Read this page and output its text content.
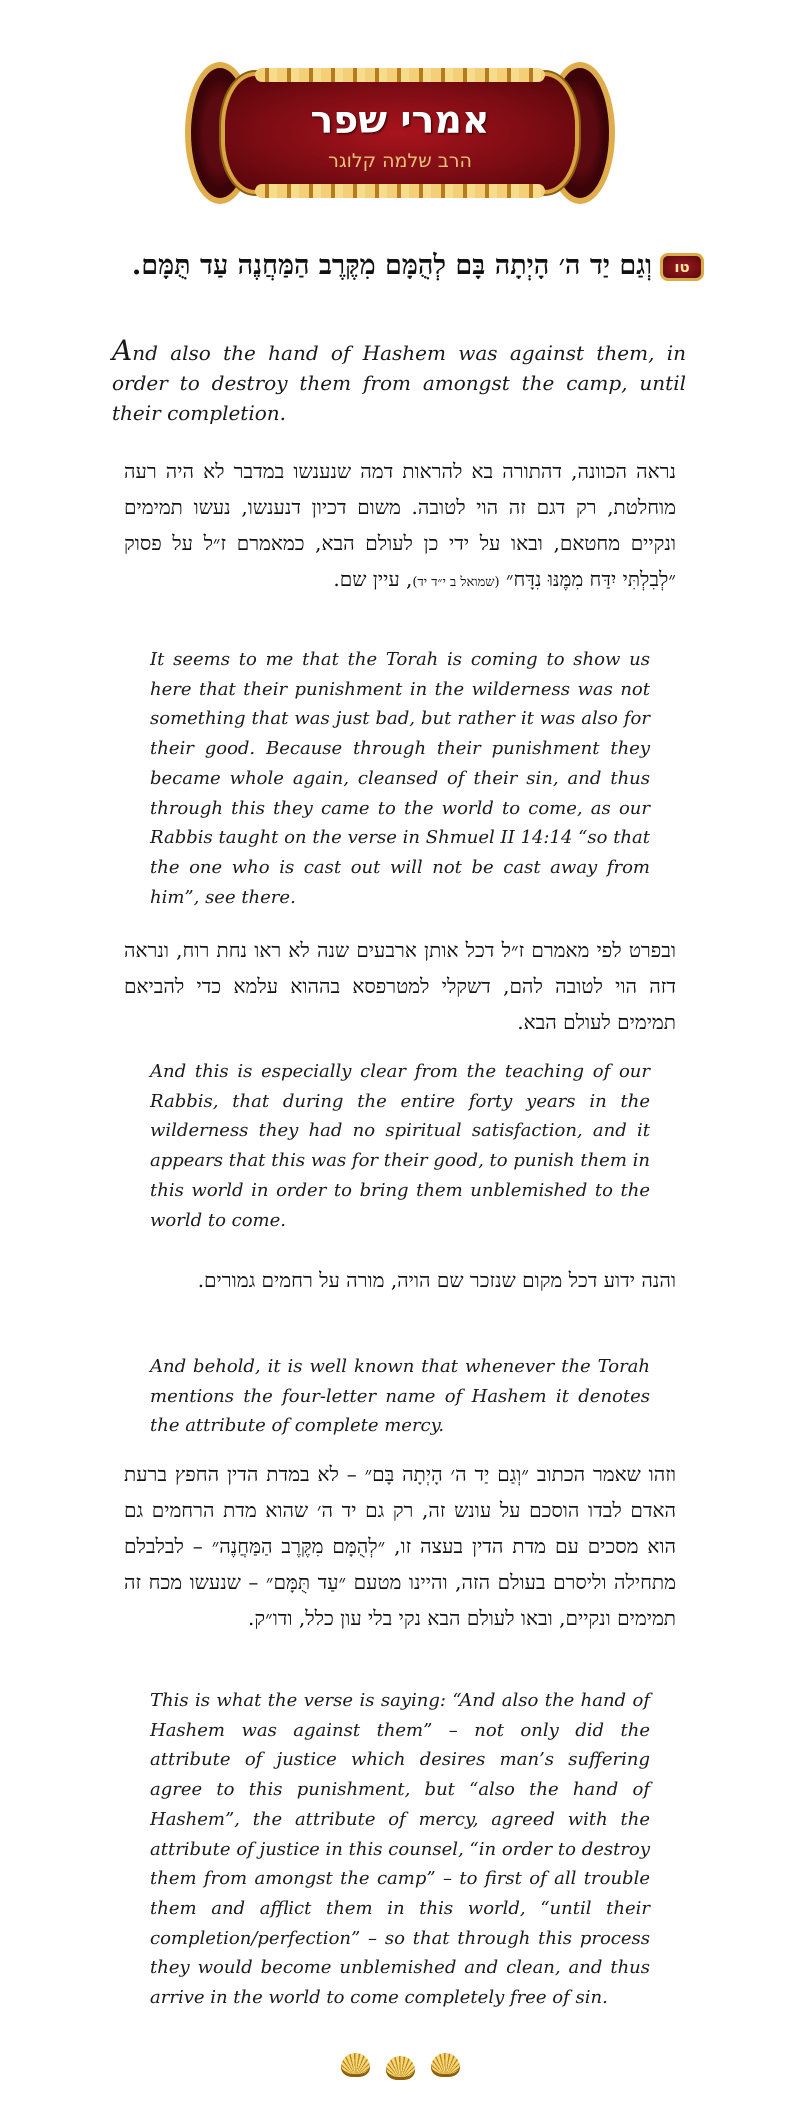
אמרי שפר
הרב שלמה קלוגר
טווְגַם יַד ה׳ הָיְתָה בָּם לְהֻמָּם מִקֶּרֶב הַמַּחֲנֶה עַד תֻּמָּם.
And also the hand of Hashem was against them, in order to destroy them from amongst the camp, until their completion.
נראה הכוונה, דהתורה בא להראות דמה שנענשו במדבר לא היה רעה מוחלטת, רק דגם זה הוי לטובה. משום דכיון דנענשו, נעשו תמימים ונקיים מחטאם, ובאו על ידי כן לעולם הבא, כמאמרם ז״ל על פסוק ״לְבִלְתִּי יִדַּח מִמֶּנּוּ נִדָּח״ (שמואל ב י״ד יד), עיין שם.
It seems to me that the Torah is coming to show us here that their punishment in the wilderness was not something that was just bad, but rather it was also for their good. Because through their punishment they became whole again, cleansed of their sin, and thus through this they came to the world to come, as our Rabbis taught on the verse in Shmuel II 14:14 “so that the one who is cast out will not be cast away from him”, see there.
ובפרט לפי מאמרם ז״ל דכל אותן ארבעים שנה לא ראו נחת רוח, ונראה דזה הוי לטובה להם, דשקלי למטרפסא בההוא עלמא כדי להביאם תמימים לעולם הבא.
And this is especially clear from the teaching of our Rabbis, that during the entire forty years in the wilderness they had no spiritual satisfaction, and it appears that this was for their good, to punish them in this world in order to bring them unblemished to the world to come.
והנה ידוע דכל מקום שנזכר שם הויה, מורה על רחמים גמורים.
And behold, it is well known that whenever the Torah mentions the four-letter name of Hashem it denotes the attribute of complete mercy.
וזהו שאמר הכתוב ״וְגַם יַד ה׳ הָיְתָה בָּם״ – לא במדת הדין החפץ ברעת האדם לבדו הוסכם על עונש זה, רק גם יד ה׳ שהוא מדת הרחמים גם הוא מסכים עם מדת הדין בעצה זו, ״לְהֻמָּם מִקֶּרֶב הַמַּחֲנֶה״ – לבלבלם מתחילה וליסרם בעולם הזה, והיינו מטעם ״עַד תֻּמָּם״ – שנעשו מכח זה תמימים ונקיים, ובאו לעולם הבא נקי בלי עון כלל, ודו״ק.
This is what the verse is saying: “And also the hand of Hashem was against them” – not only did the attribute of justice which desires man’s suffering agree to this punishment, but “also the hand of Hashem”, the attribute of mercy, agreed with the attribute of justice in this counsel, “in order to destroy them from amongst the camp” – to first of all trouble them and afflict them in this world, “until their completion/perfection” – so that through this process they would become unblemished and clean, and thus arrive in the world to come completely free of sin.
